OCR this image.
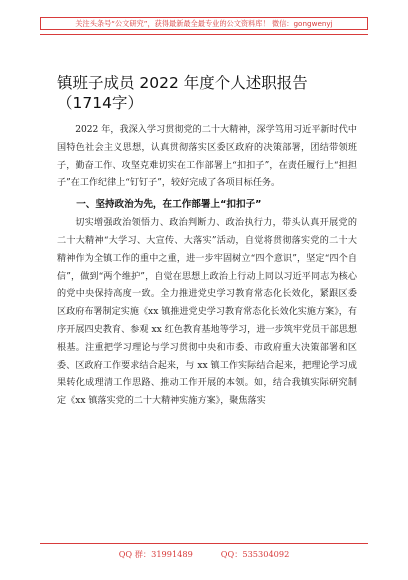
关注头条号“公文研究”，获得最新最全最专业的公文资料库！ 微信：gongwenyj
镇班子成员 2022 年度个人述职报告（1714字）

2022 年，我深入学习贯彻党的二十大精神，深学笃用习近平新时代中国特色社会主义思想，认真贯彻落实区委区政府的决策部署，团结带领班子，勤奋工作、攻坚克难切实在工作部署上“扣扣子”，在责任履行上“担担子”在工作纪律上“钉钉子”，较好完成了各项目标任务。

一、坚持政治为先，在工作部署上“扣扣子”

切实增强政治领悟力、政治判断力、政治执行力，带头认真开展党的二十大精神“大学习、大宣传、大落实”活动，自觉将贯彻落实党的二十大精神作为全镇工作的重中之重，进一步牢固树立“四个意识”，坚定“四个自信”，做到“两个维护”，自觉在思想上政治上行动上同以习近平同志为核心的党中央保持高度一致。全力推进党史学习教育常态化长效化，紧跟区委区政府布署制定实施《xx 镇推进党史学习教育常态化长效化实施方案》，有序开展四史教育、参观 xx 红色教育基地等学习，进一步筑牢党员干部思想根基。注重把学习理论与学习贯彻中央和市委、市政府重大决策部署和区委、区政府工作要求结合起来，与 xx 镇工作实际结合起来，把理论学习成果转化成理清工作思路、推动工作开展的本领。如，结合我镇实际研究制定《xx 镇落实党的二十大精神实施方案》，聚焦落实

QQ 群：31991489	QQ：535304092
